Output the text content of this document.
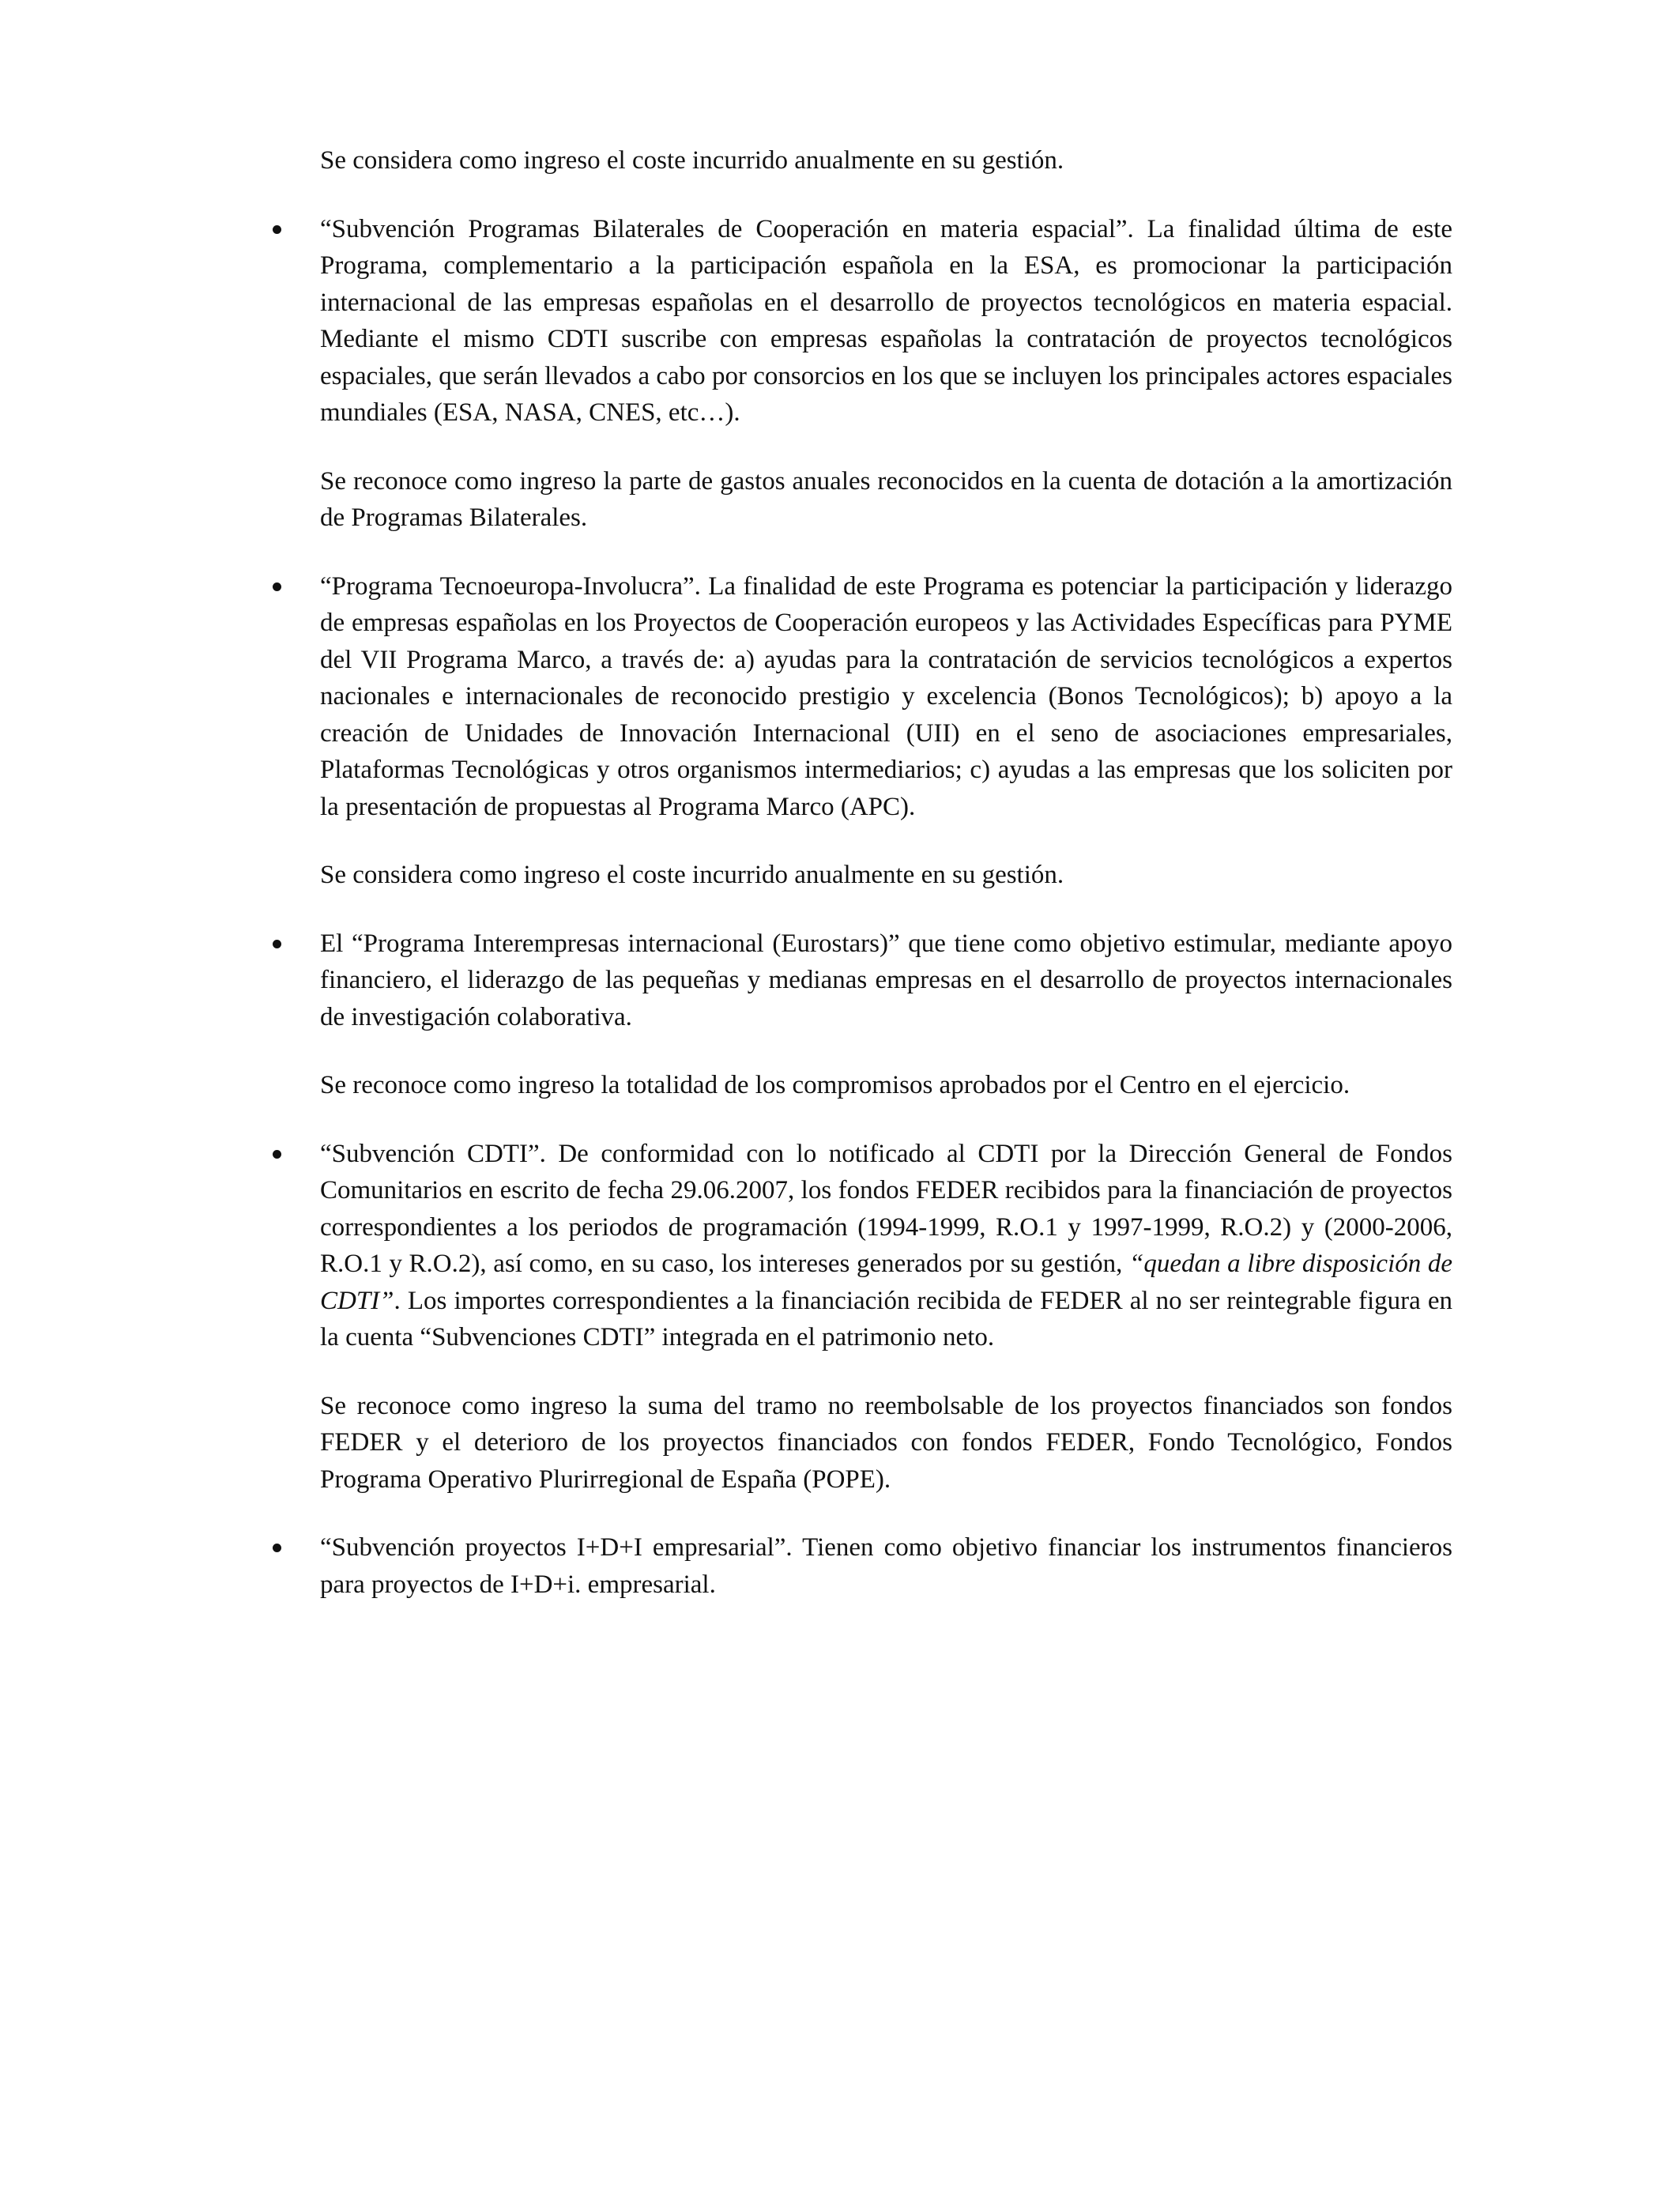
Se considera como ingreso el coste incurrido anualmente en su gestión.

“Subvención Programas Bilaterales de Cooperación en materia espacial”. La finalidad última de este Programa, complementario a la participación española en la ESA, es promocionar la participación internacional de las empresas españolas en el desarrollo de proyectos tecnológicos en materia espacial. Mediante el mismo CDTI suscribe con empresas españolas la contratación de proyectos tecnológicos espaciales, que serán llevados a cabo por consorcios en los que se incluyen los principales actores espaciales mundiales (ESA, NASA, CNES, etc…).

Se reconoce como ingreso la parte de gastos anuales reconocidos en la cuenta de dotación a la amortización de Programas Bilaterales.

“Programa Tecnoeuropa-Involucra”. La finalidad de este Programa es potenciar la participación y liderazgo de empresas españolas en los Proyectos de Cooperación europeos y las Actividades Específicas para PYME del VII Programa Marco, a través de: a) ayudas para la contratación de servicios tecnológicos a expertos nacionales e internacionales de reconocido prestigio y excelencia (Bonos Tecnológicos); b) apoyo a la creación de Unidades de Innovación Internacional (UII) en el seno de asociaciones empresariales, Plataformas Tecnológicas y otros organismos intermediarios; c) ayudas a las empresas que los soliciten por la presentación de propuestas al Programa Marco (APC).

Se considera como ingreso el coste incurrido anualmente en su gestión.

El “Programa Interempresas internacional (Eurostars)” que tiene como objetivo estimular, mediante apoyo financiero, el liderazgo de las pequeñas y medianas empresas en el desarrollo de proyectos internacionales de investigación colaborativa.

Se reconoce como ingreso la totalidad de los compromisos aprobados por el Centro en el ejercicio.

“Subvención CDTI”. De conformidad con lo notificado al CDTI por la Dirección General de Fondos Comunitarios en escrito de fecha 29.06.2007, los fondos FEDER recibidos para la financiación de proyectos correspondientes a los periodos de programación (1994-1999, R.O.1 y 1997-1999, R.O.2) y (2000-2006, R.O.1 y R.O.2), así como, en su caso, los intereses generados por su gestión, “quedan a libre disposición de CDTI”. Los importes correspondientes a la financiación recibida de FEDER al no ser reintegrable figura en la cuenta “Subvenciones CDTI” integrada en el patrimonio neto.

Se reconoce como ingreso la suma del tramo no reembolsable de los proyectos financiados son fondos FEDER y el deterioro de los proyectos financiados con fondos FEDER, Fondo Tecnológico, Fondos Programa Operativo Plurirregional de España (POPE).

“Subvención proyectos I+D+I empresarial”. Tienen como objetivo financiar los instrumentos financieros para proyectos de I+D+i. empresarial.
